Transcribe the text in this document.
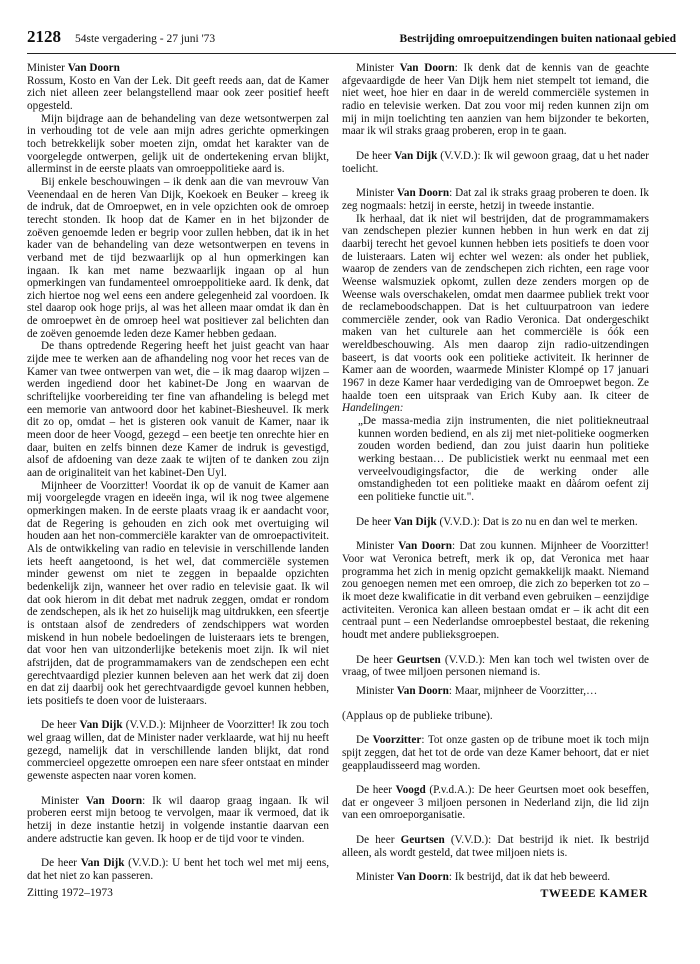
2128 54ste vergadering - 27 juni '73	Bestrijding omroepuitzendingen buiten nationaal gebied

Minister Van Doorn

Rossum, Kosto en Van der Lek. Dit geeft reeds aan, dat de Kamer zich niet alleen zeer belangstellend maar ook zeer positief heeft opgesteld.

Mijn bijdrage aan de behandeling van deze wetsontwerpen zal in verhouding tot de vele aan mijn adres gerichte opmerkingen toch betrekkelijk sober moeten zijn, omdat het karakter van de voorgelegde ontwerpen, gelijk uit de ondertekening ervan blijkt, allerminst in de eerste plaats van omroeppolitieke aard is.

Bij enkele beschouwingen – ik denk aan die van mevrouw Van Veenendaal en de heren Van Dijk, Koekoek en Beuker – kreeg ik de indruk, dat de Omroepwet, en in vele opzichten ook de omroep terecht stonden. Ik hoop dat de Kamer en in het bijzonder de zoëven genoemde leden er begrip voor zullen hebben, dat ik in het kader van de behandeling van deze wetsontwerpen en tevens in verband met de tijd bezwaarlijk op al hun opmerkingen kan ingaan. Ik kan met name bezwaarlijk ingaan op al hun opmerkingen van fundamenteel omroeppolitieke aard. Ik denk, dat zich hiertoe nog wel eens een andere gelegenheid zal voordoen. Ik stel daarop ook hoge prijs, al was het alleen maar omdat ik dan èn de omroepwet èn de omroep heel wat positiever zal belichten dan de zoëven genoemde leden deze Kamer hebben gedaan.

De thans optredende Regering heeft het juist geacht van haar zijde mee te werken aan de afhandeling nog voor het reces van de Kamer van twee ontwerpen van wet, die – ik mag daarop wijzen – werden ingediend door het kabinet-De Jong en waarvan de schriftelijke voorbereiding ter fine van afhandeling is belegd met een memorie van antwoord door het kabinet-Biesheuvel. Ik merk dit zo op, omdat – het is gisteren ook vanuit de Kamer, naar ik meen door de heer Voogd, gezegd – een beetje ten onrechte hier en daar, buiten en zelfs binnen deze Kamer de indruk is gevestigd, alsof de afdoening van deze zaak te wijten of te danken zou zijn aan de originaliteit van het kabinet-Den Uyl.

Mijnheer de Voorzitter! Voordat ik op de vanuit de Kamer aan mij voorgelegde vragen en ideeën inga, wil ik nog twee algemene opmerkingen maken. In de eerste plaats vraag ik er aandacht voor, dat de Regering is gehouden en zich ook met overtuiging wil houden aan het non-commerciële karakter van de omroepactiviteit. Als de ontwikkeling van radio en televisie in verschillende landen iets heeft aangetoond, is het wel, dat commerciële systemen minder gewenst om niet te zeggen in bepaalde opzichten bedenkelijk zijn, wanneer het over radio en televisie gaat. Ik wil dat ook hierom in dit debat met nadruk zeggen, omdat er rondom de zendschepen, als ik het zo huiselijk mag uitdrukken, een sfeertje is ontstaan alsof de zendreders of zendschippers wat worden miskend in hun nobele bedoelingen de luisteraars iets te brengen, dat voor hen van uitzonderlijke betekenis moet zijn. Ik wil niet afstrijden, dat de programmamakers van de zendschepen een echt gerechtvaardigd plezier kunnen beleven aan het werk dat zij doen en dat zij daarbij ook het gerechtvaardigde gevoel kunnen hebben, iets positiefs te doen voor de luisteraars.

De heer Van Dijk (V.V.D.): Mijnheer de Voorzitter! Ik zou toch wel graag willen, dat de Minister nader verklaarde, wat hij nu heeft gezegd, namelijk dat in verschillende landen blijkt, dat rond commercieel opgezette omroepen een nare sfeer ontstaat en minder gewenste aspecten naar voren komen.

Minister Van Doorn: Ik wil daarop graag ingaan. Ik wil proberen eerst mijn betoog te vervolgen, maar ik vermoed, dat ik hetzij in deze instantie hetzij in volgende instantie daarvan een andere adstructie kan geven. Ik hoop er de tijd voor te vinden.

De heer Van Dijk (V.V.D.): U bent het toch wel met mij eens, dat het niet zo kan passeren.

Minister Van Doorn: Ik denk dat de kennis van de geachte afgevaardigde de heer Van Dijk hem niet stempelt tot iemand, die niet weet, hoe hier en daar in de wereld commerciële systemen in radio en televisie werken. Dat zou voor mij reden kunnen zijn om mij in mijn toelichting ten aanzien van hem bijzonder te bekorten, maar ik wil straks graag proberen, erop in te gaan.

De heer Van Dijk (V.V.D.): Ik wil gewoon graag, dat u het nader toelicht.

Minister Van Doorn: Dat zal ik straks graag proberen te doen. Ik zeg nogmaals: hetzij in eerste, hetzij in tweede instantie.

Ik herhaal, dat ik niet wil bestrijden, dat de programmamakers van zendschepen plezier kunnen hebben in hun werk en dat zij daarbij terecht het gevoel kunnen hebben iets positiefs te doen voor de luisteraars. Laten wij echter wel wezen: als onder het publiek, waarop de zenders van de zendschepen zich richten, een rage voor Weense walsmuziek opkomt, zullen deze zenders morgen op de Weense wals overschakelen, omdat men daarmee publiek trekt voor de reclameboodschappen. Dat is het cultuurpatroon van iedere commerciële zender, ook van Radio Veronica. Dat ondergeschikt maken van het culturele aan het commerciële is óók een wereldbeschouwing. Als men daarop zijn radio-uitzendingen baseert, is dat voorts ook een politieke activiteit. Ik herinner de Kamer aan de woorden, waarmede Minister Klompé op 17 januari 1967 in deze Kamer haar verdediging van de Omroepwet begon. Ze haalde toen een uitspraak van Erich Kuby aan. Ik citeer de Handelingen:

„De massa-media zijn instrumenten, die niet politiekneutraal kunnen worden bediend, en als zij met niet-politieke oogmerken zouden worden bediend, dan zou juist daarin hun politieke werking bestaan… De publicistiek werkt nu eenmaal met een verveelvoudigingsfactor, die de werking onder alle omstandigheden tot een politieke maakt en dàárom oefent zij een politieke functie uit.".

De heer Van Dijk (V.V.D.): Dat is zo nu en dan wel te merken.

Minister Van Doorn: Dat zou kunnen. Mijnheer de Voorzitter! Voor wat Veronica betreft, merk ik op, dat Veronica met haar programma het zich in menig opzicht gemakkelijk maakt. Niemand zou genoegen nemen met een omroep, die zich zo beperken tot zo – ik moet deze kwalificatie in dit verband even gebruiken – eenzijdige activiteiten. Veronica kan alleen bestaan omdat er – ik acht dit een centraal punt – een Nederlandse omroepbestel bestaat, die rekening houdt met andere publieksgroepen.

De heer Geurtsen (V.V.D.): Men kan toch wel twisten over de vraag, of twee miljoen personen niemand is.

Minister Van Doorn: Maar, mijnheer de Voorzitter,…

(Applaus op de publieke tribune).

De Voorzitter: Tot onze gasten op de tribune moet ik toch mijn spijt zeggen, dat het tot de orde van deze Kamer behoort, dat er niet geapplaudisseerd mag worden.

De heer Voogd (P.v.d.A.): De heer Geurtsen moet ook beseffen, dat er ongeveer 3 miljoen personen in Nederland zijn, die lid zijn van een omroeporganisatie.

De heer Geurtsen (V.V.D.): Dat bestrijd ik niet. Ik bestrijd alleen, als wordt gesteld, dat twee miljoen niets is.

Minister Van Doorn: Ik bestrijd, dat ik dat heb beweerd.

Zitting 1972–1973	TWEEDE KAMER
